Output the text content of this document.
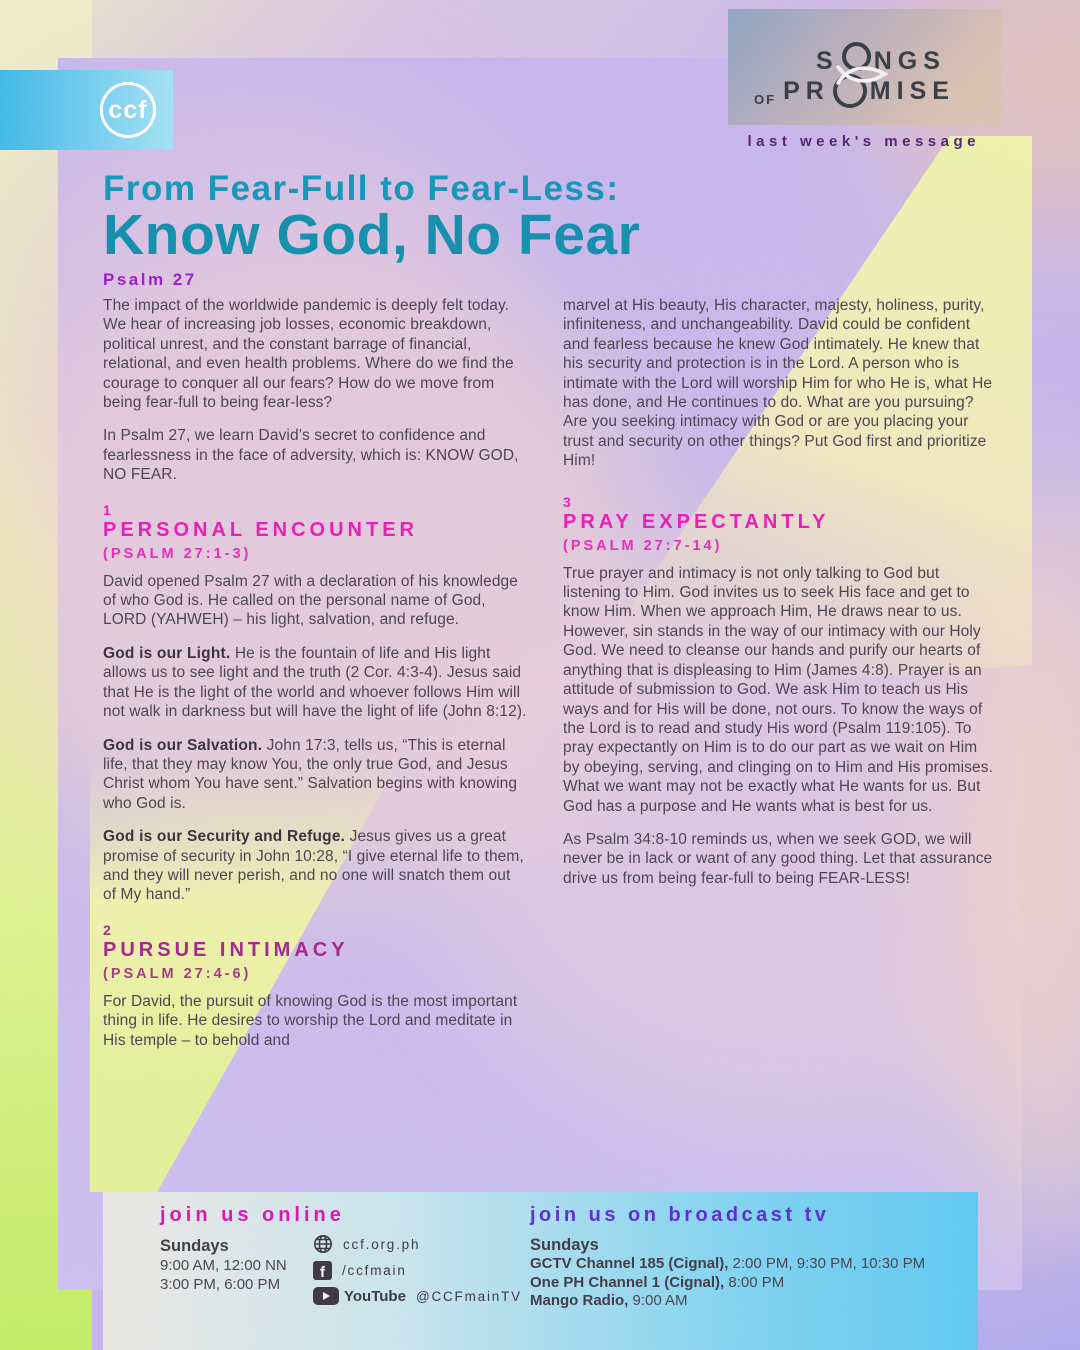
ccf
S NGS
OF PR MISE
last week's message
From Fear-Full to Fear-Less:
Know God, No Fear
Psalm 27

The impact of the worldwide pandemic is deeply felt today. We hear of increasing job losses, economic breakdown, political unrest, and the constant barrage of financial, relational, and even health problems. Where do we find the courage to conquer all our fears? How do we move from being fear-full to being fear-less?

In Psalm 27, we learn David’s secret to confidence and fearlessness in the face of adversity, which is: KNOW GOD, NO FEAR.

1
PERSONAL ENCOUNTER
(PSALM 27:1-3)

David opened Psalm 27 with a declaration of his knowledge of who God is. He called on the personal name of God, LORD (YAHWEH) – his light, salvation, and refuge.

God is our Light. He is the fountain of life and His light allows us to see light and the truth (2 Cor. 4:3-4). Jesus said that He is the light of the world and whoever follows Him will not walk in darkness but will have the light of life (John 8:12).

God is our Salvation. John 17:3, tells us, “This is eternal life, that they may know You, the only true God, and Jesus Christ whom You have sent.” Salvation begins with knowing who God is.

God is our Security and Refuge. Jesus gives us a great promise of security in John 10:28, “I give eternal life to them, and they will never perish, and no one will snatch them out of My hand.”

2
PURSUE INTIMACY
(PSALM 27:4-6)

For David, the pursuit of knowing God is the most important thing in life. He desires to worship the Lord and meditate in His temple – to behold and

marvel at His beauty, His character, majesty, holiness, purity, infiniteness, and unchangeability. David could be confident and fearless because he knew God intimately. He knew that his security and protection is in the Lord. A person who is intimate with the Lord will worship Him for who He is, what He has done, and He continues to do. What are you pursuing? Are you seeking intimacy with God or are you placing your trust and security on other things? Put God first and prioritize Him!

3
PRAY EXPECTANTLY
(PSALM 27:7-14)

True prayer and intimacy is not only talking to God but listening to Him. God invites us to seek His face and get to know Him. When we approach Him, He draws near to us. However, sin stands in the way of our intimacy with our Holy God. We need to cleanse our hands and purify our hearts of anything that is displeasing to Him (James 4:8). Prayer is an attitude of submission to God. We ask Him to teach us His ways and for His will be done, not ours. To know the ways of the Lord is to read and study His word (Psalm 119:105). To pray expectantly on Him is to do our part as we wait on Him by obeying, serving, and clinging on to Him and His promises. What we want may not be exactly what He wants for us. But God has a purpose and He wants what is best for us.

As Psalm 34:8-10 reminds us, when we seek GOD, we will never be in lack or want of any good thing. Let that assurance drive us from being fear-full to being FEAR-LESS!

join us online
Sundays
9:00 AM, 12:00 NN
3:00 PM, 6:00 PM
ccf.org.ph
f /ccfmain
YouTube @CCFmainTV
join us on broadcast tv
Sundays
GCTV Channel 185 (Cignal), 2:00 PM, 9:30 PM, 10:30 PM
One PH Channel 1 (Cignal), 8:00 PM
Mango Radio, 9:00 AM
